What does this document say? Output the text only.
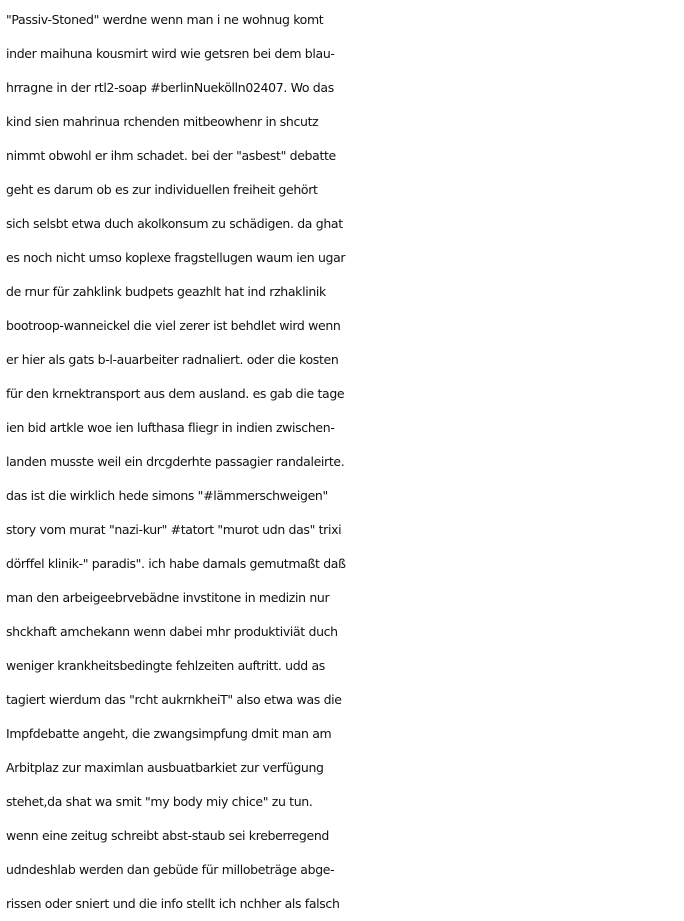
"Passiv-Stoned" werdne wenn man i ne wohnug komt
inder maihuna kousmirt wird wie getsren bei dem blau-
hrragne in der rtl2-soap #berlinNuekölln02407. Wo das
kind sien mahrinua rchenden mitbeowhenr in shcutz
nimmt obwohl er ihm schadet. bei der "asbest" debatte
geht es darum ob es zur individuellen freiheit gehört
sich selsbt etwa duch akolkonsum zu schädigen. da ghat
es noch nicht umso koplexe fragstellugen waum ien ugar
de rnur für zahklink budpets geazhlt hat ind rzhaklinik
bootroop-wanneickel die viel zerer ist behdlet wird wenn
er hier als gats b-l-auarbeiter radnaliert. oder die kosten
für den krnektransport aus dem ausland. es gab die tage
ien bid artkle woe ien lufthasa fliegr in indien zwischen-
landen musste weil ein drcgderhte passagier randaleirte.
das ist die wirklich hede simons "#lämmerschweigen"
story vom murat "nazi-kur" #tatort "murot udn das" trixi
dörffel klinik-" paradis". ich habe damals gemutmaßt daß
man den arbeigeebrvebädne invstitone in medizin nur
shckhaft amchekann wenn dabei mhr produktiviät duch
weniger krankheitsbedingte fehlzeiten auftritt. udd as
tagiert wierdum das "rcht aukrnkheiT" also etwa was die
Impfdebatte angeht, die zwangsimpfung dmit man am
Arbitplaz zur maximlan ausbuatbarkiet zur verfügung
stehet,da shat wa smit "my body miy chice" zu tun.
wenn eine zeitug schreibt abst-staub sei kreberregend
udndeshlab werden dan gebüde für millobeträge abge-
rissen oder sniert und die info stellt ich nchher als falsch
